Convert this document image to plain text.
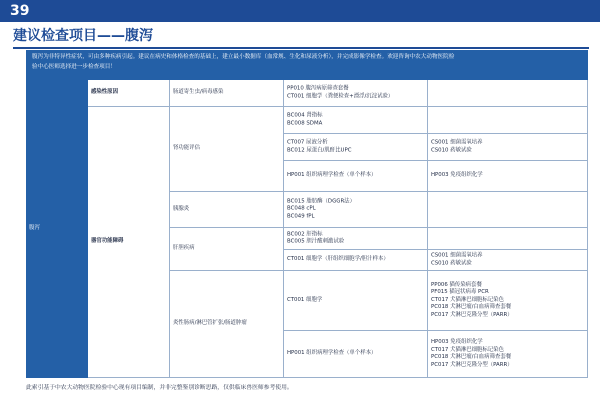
39
建议检查项目——腹泻

腹泻为非特异性症状，可由多种疾病引起。建议在病史和体格检查的基础上，建立最小数据库（血常规、生化和尿液分析），并完成影像学检查。欢迎咨询中农大动物医院检

验中心医师选择进一步检查项目！

腹泻
感染性原因
器官功能障碍
肠道寄生虫/病毒感染
肾功能评估
胰腺炎
肝胆疾病
炎性肠病/淋巴管扩张/肠道肿瘤
PP010 腹泻病原筛查套餐
CT001 细胞学（粪便检查+漂浮/沉淀试验）
BC004 肾指标
BC008 SDMA
CT007 尿液分析
BC012 尿蛋白/肌酐比UPC
CS001 细菌需氧培养
CS010 药敏试验
HP001 组织病理学检查（单个样本）	HP003 免疫组织化学
BC015 脂肪酶（DGGR法）
BC048 cPL
BC049 fPL
BC002 肝指标
BC005 胆汁酸刺激试验
CT001 细胞学（肝组织细胞学/胆汁样本）
CS001 细菌需氧培养
CS010 药敏试验
CT001 细胞学
PP006 猫传染病套餐
PF015 猫冠状病毒 PCR
CT017 犬猫淋巴细胞标记染色
PC018 犬淋巴瘤/白血病筛查套餐
PC017 犬淋巴克隆分型（PARR）
HP001 组织病理学检查（单个样本）
HP003 免疫组织化学
CT017 犬猫淋巴细胞标记染色
PC018 犬淋巴瘤/白血病筛查套餐
PC017 犬淋巴克隆分型（PARR）
此索引基于中农大动物医院检验中心现有项目编制，并非完整鉴别诊断思路，仅供临床兽医师参考使用。
